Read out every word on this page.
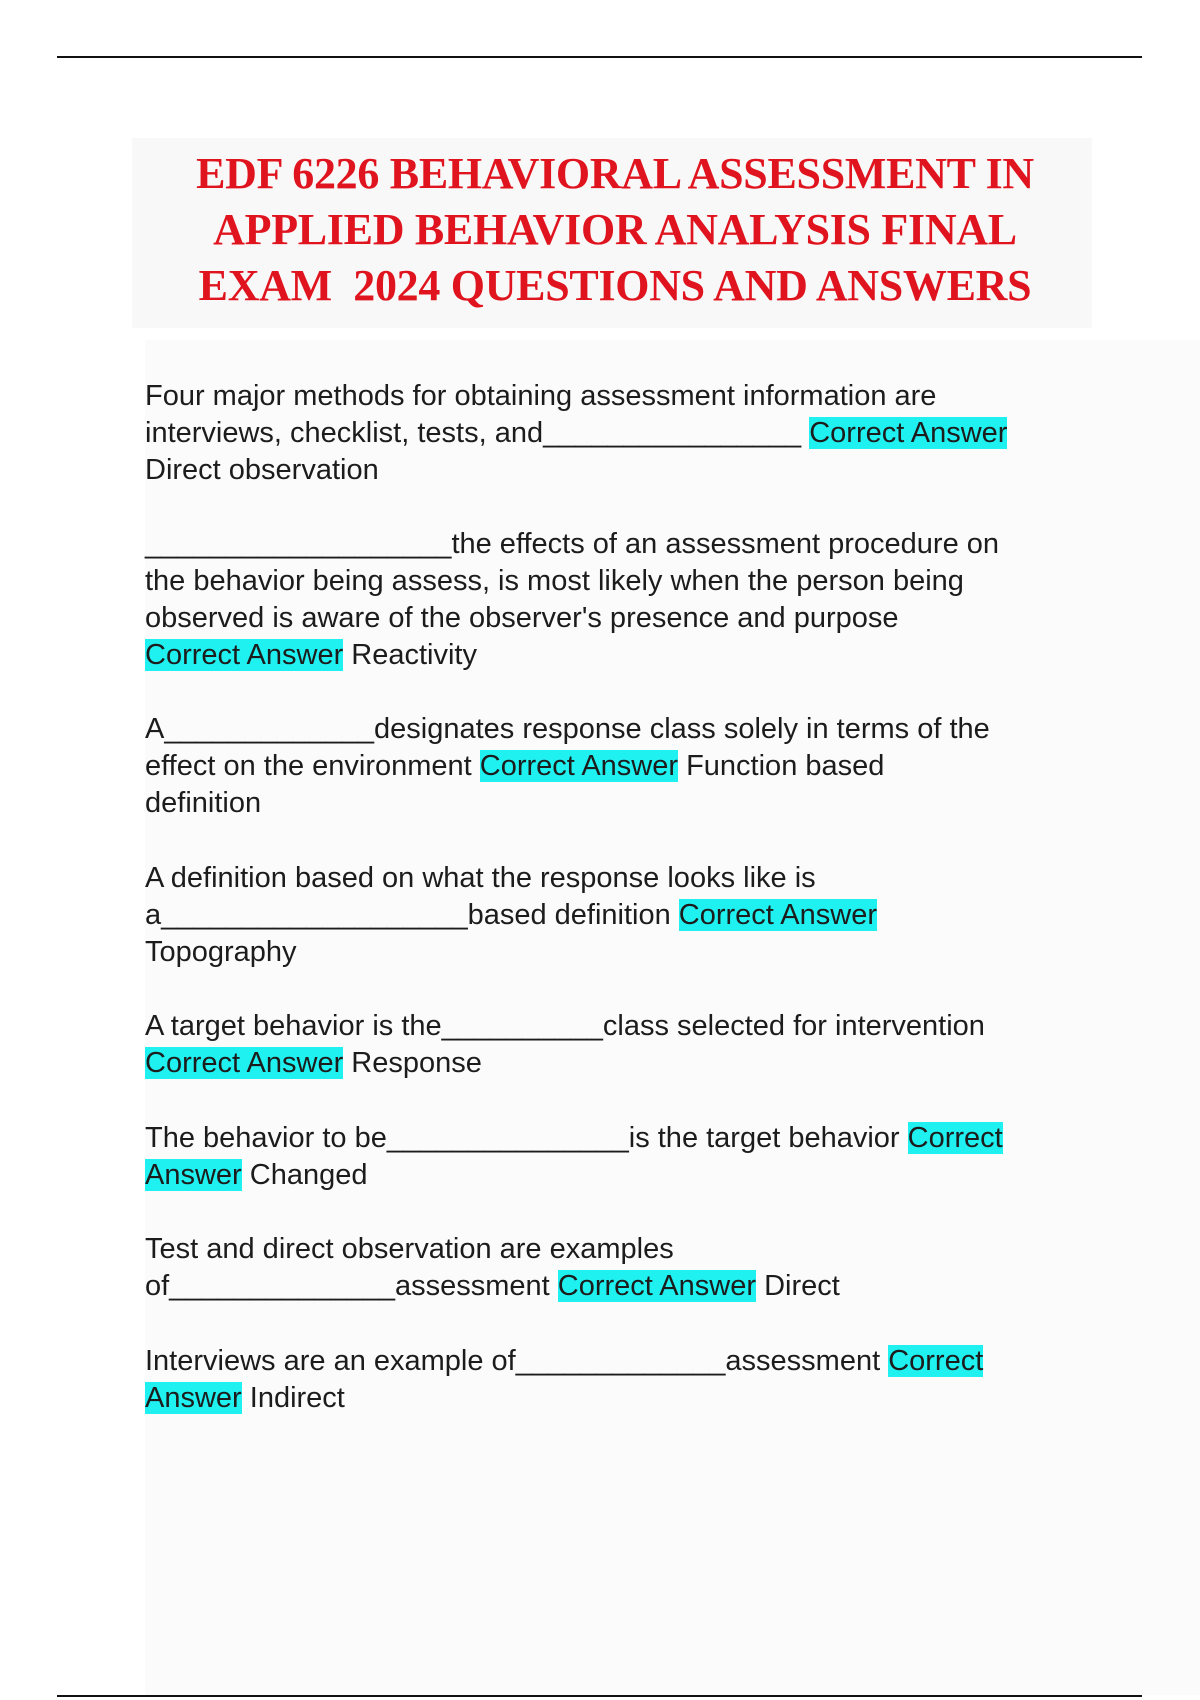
EDF 6226 BEHAVIORAL ASSESSMENT IN
APPLIED BEHAVIOR ANALYSIS FINAL
EXAM  2024 QUESTIONS AND ANSWERS

Four major methods for obtaining assessment information are
interviews, checklist, tests, and________________ Correct Answer
Direct observation

___________________the effects of an assessment procedure on
the behavior being assess, is most likely when the person being
observed is aware of the observer's presence and purpose
Correct Answer Reactivity

A_____________designates response class solely in terms of the
effect on the environment Correct Answer Function based
definition

A definition based on what the response looks like is
a___________________based definition Correct Answer
Topography

A target behavior is the__________class selected for intervention
Correct Answer Response

The behavior to be_______________is the target behavior Correct
Answer Changed

Test and direct observation are examples
of______________assessment Correct Answer Direct

Interviews are an example of_____________assessment Correct
Answer Indirect
